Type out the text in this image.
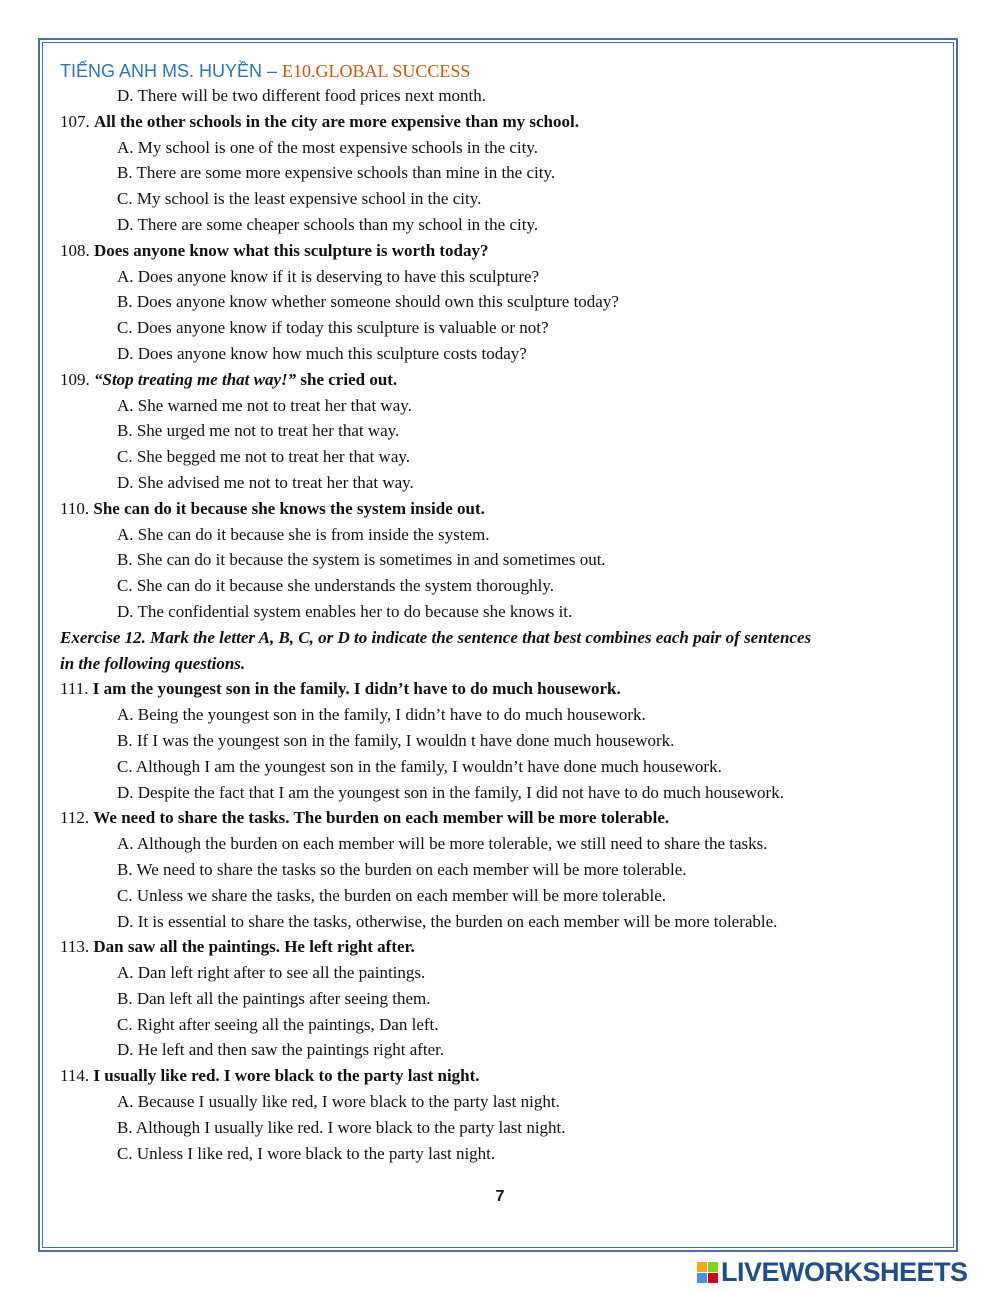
TIẾNG ANH MS. HUYỀN – E10.GLOBAL SUCCESS
D. There will be two different food prices next month.
107. All the other schools in the city are more expensive than my school.
A. My school is one of the most expensive schools in the city.
B. There are some more expensive schools than mine in the city.
C. My school is the least expensive school in the city.
D. There are some cheaper schools than my school in the city.
108. Does anyone know what this sculpture is worth today?
A. Does anyone know if it is deserving to have this sculpture?
B. Does anyone know whether someone should own this sculpture today?
C. Does anyone know if today this sculpture is valuable or not?
D. Does anyone know how much this sculpture costs today?
109. “Stop treating me that way!” she cried out.
A. She warned me not to treat her that way.
B. She urged me not to treat her that way.
C. She begged me not to treat her that way.
D. She advised me not to treat her that way.
110. She can do it because she knows the system inside out.
A. She can do it because she is from inside the system.
B. She can do it because the system is sometimes in and sometimes out.
C. She can do it because she understands the system thoroughly.
D. The confidential system enables her to do because she knows it.
Exercise 12. Mark the letter A, B, C, or D to indicate the sentence that best combines each pair of sentences
in the following questions.
111. I am the youngest son in the family. I didn’t have to do much housework.
A. Being the youngest son in the family, I didn’t have to do much housework.
B. If I was the youngest son in the family, I wouldn t have done much housework.
C. Although I am the youngest son in the family, I wouldn’t have done much housework.
D. Despite the fact that I am the youngest son in the family, I did not have to do much housework.
112. We need to share the tasks. The burden on each member will be more tolerable.
A. Although the burden on each member will be more tolerable, we still need to share the tasks.
B. We need to share the tasks so the burden on each member will be more tolerable.
C. Unless we share the tasks, the burden on each member will be more tolerable.
D. It is essential to share the tasks, otherwise, the burden on each member will be more tolerable.
113. Dan saw all the paintings. He left right after.
A. Dan left right after to see all the paintings.
B. Dan left all the paintings after seeing them.
C. Right after seeing all the paintings, Dan left.
D. He left and then saw the paintings right after.
114. I usually like red. I wore black to the party last night.
A. Because I usually like red, I wore black to the party last night.
B. Although I usually like red. I wore black to the party last night.
C. Unless I like red, I wore black to the party last night.
7
LIVEWORKSHEETS
